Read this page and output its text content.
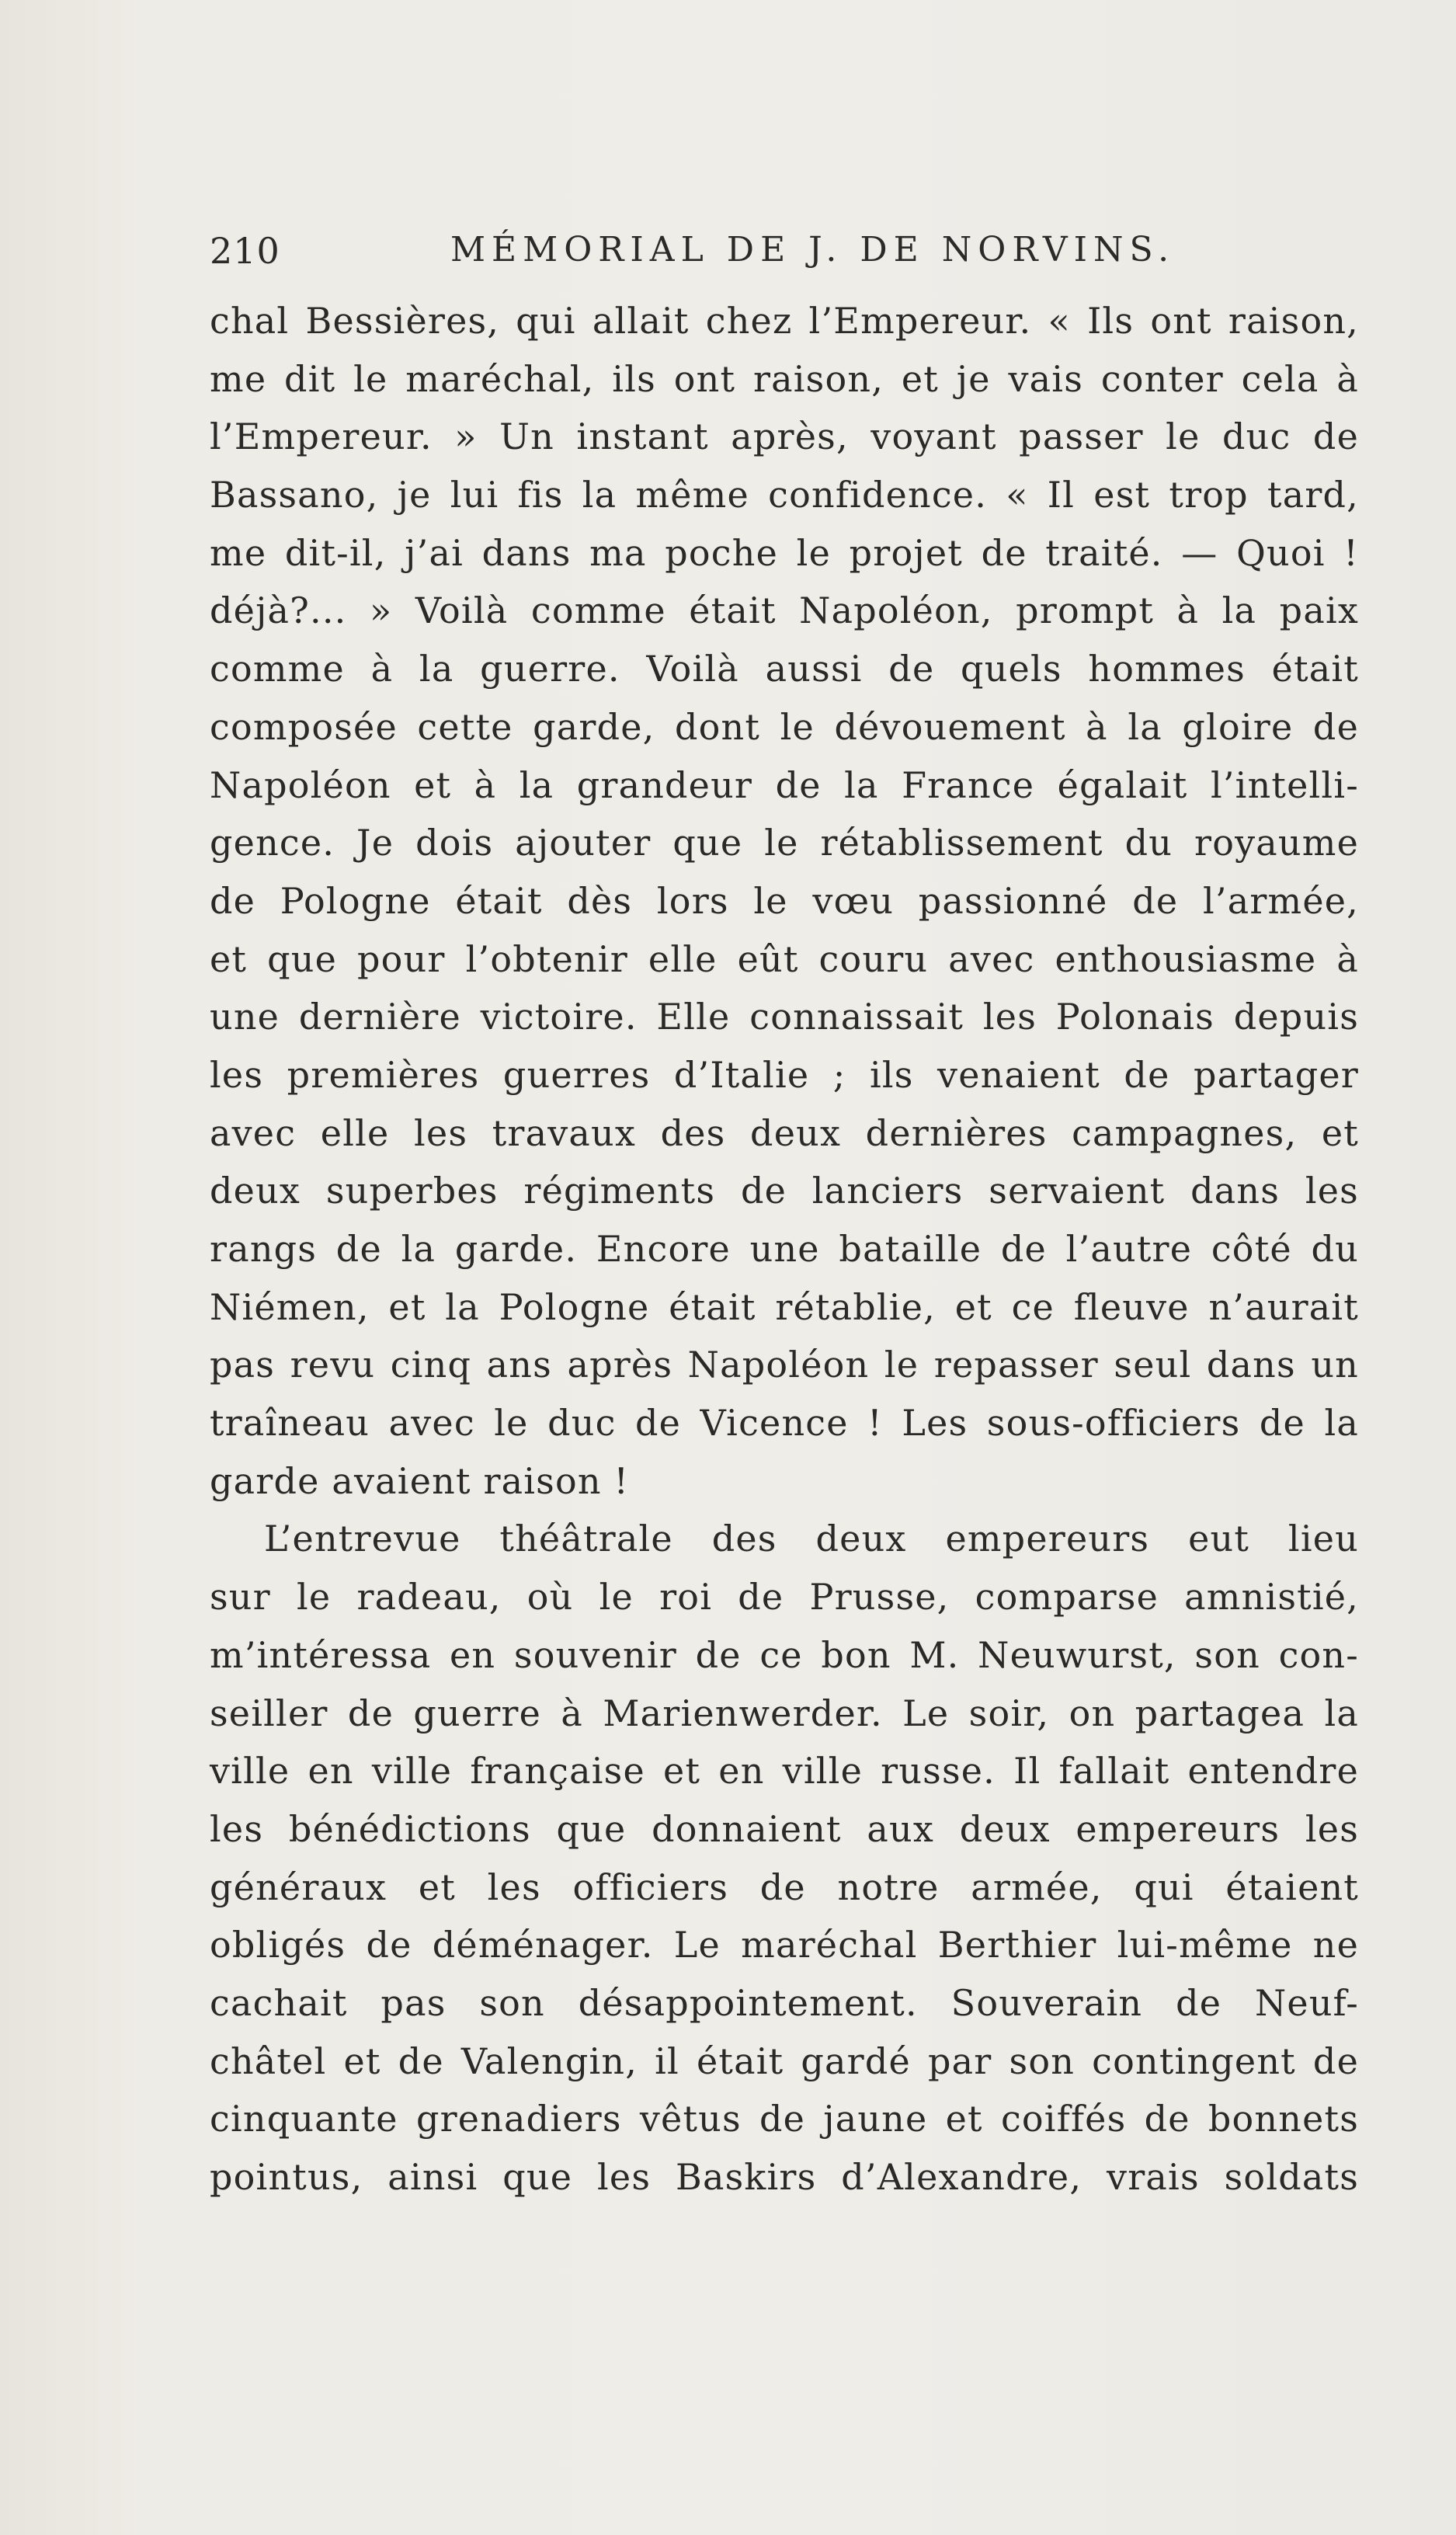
210	MÉMORIAL DE J. DE NORVINS.
chal Bessières, qui allait chez l’Empereur. « Ils ont raison,
me dit le maréchal, ils ont raison, et je vais conter cela à
l’Empereur. » Un instant après, voyant passer le duc de
Bassano, je lui fis la même confidence. « Il est trop tard,
me dit-il, j’ai dans ma poche le projet de traité. — Quoi !
déjà?... » Voilà comme était Napoléon, prompt à la paix
comme à la guerre. Voilà aussi de quels hommes était
composée cette garde, dont le dévouement à la gloire de
Napoléon et à la grandeur de la France égalait l’intelli-
gence. Je dois ajouter que le rétablissement du royaume
de Pologne était dès lors le vœu passionné de l’armée,
et que pour l’obtenir elle eût couru avec enthousiasme à
une dernière victoire. Elle connaissait les Polonais depuis
les premières guerres d’Italie ; ils venaient de partager
avec elle les travaux des deux dernières campagnes, et
deux superbes régiments de lanciers servaient dans les
rangs de la garde. Encore une bataille de l’autre côté du
Niémen, et la Pologne était rétablie, et ce fleuve n’aurait
pas revu cinq ans après Napoléon le repasser seul dans un
traîneau avec le duc de Vicence ! Les sous-officiers de la
garde avaient raison !
L’entrevue théâtrale des deux empereurs eut lieu
sur le radeau, où le roi de Prusse, comparse amnistié,
m’intéressa en souvenir de ce bon M. Neuwurst, son con-
seiller de guerre à Marienwerder. Le soir, on partagea la
ville en ville française et en ville russe. Il fallait entendre
les bénédictions que donnaient aux deux empereurs les
généraux et les officiers de notre armée, qui étaient
obligés de déménager. Le maréchal Berthier lui-même ne
cachait pas son désappointement. Souverain de Neuf-
châtel et de Valengin, il était gardé par son contingent de
cinquante grenadiers vêtus de jaune et coiffés de bonnets
pointus, ainsi que les Baskirs d’Alexandre, vrais soldats
